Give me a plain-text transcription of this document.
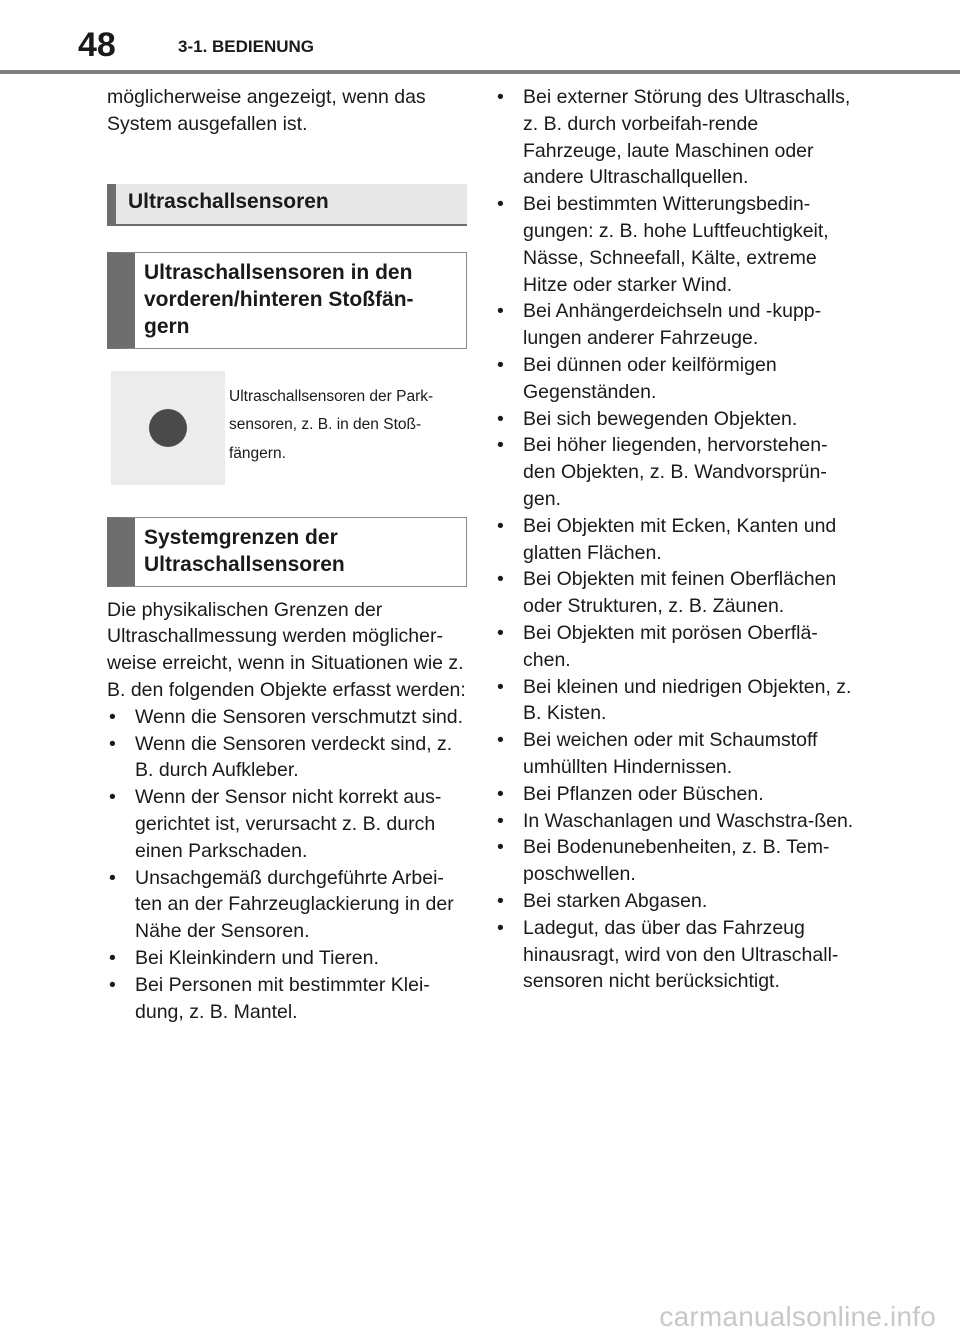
48	3-1. BEDIENUNG

möglicherweise angezeigt, wenn das System ausgefallen ist.

Ultraschallsensoren
Ultraschallsensoren in den vorderen/hinteren Stoßfän-gern

Ultraschallsensoren der Park-sensoren, z. B. in den Stoß-fängern.

Systemgrenzen der Ultraschallsensoren

Die physikalischen Grenzen der Ultraschallmessung werden möglicher-weise erreicht, wenn in Situationen wie z. B. den folgenden Objekte erfasst werden:

• Wenn die Sensoren verschmutzt sind.
• Wenn die Sensoren verdeckt sind, z. B. durch Aufkleber.
• Wenn der Sensor nicht korrekt aus-gerichtet ist, verursacht z. B. durch einen Parkschaden.
• Unsachgemäß durchgeführte Arbei-ten an der Fahrzeuglackierung in der Nähe der Sensoren.
• Bei Kleinkindern und Tieren.
• Bei Personen mit bestimmter Klei-dung, z. B. Mantel.
• Bei externer Störung des Ultraschalls, z. B. durch vorbeifah-rende Fahrzeuge, laute Maschinen oder andere Ultraschallquellen.
• Bei bestimmten Witterungsbedin-gungen: z. B. hohe Luftfeuchtigkeit, Nässe, Schneefall, Kälte, extreme Hitze oder starker Wind.
• Bei Anhängerdeichseln und -kupp-lungen anderer Fahrzeuge.
• Bei dünnen oder keilförmigen Gegenständen.
• Bei sich bewegenden Objekten.
• Bei höher liegenden, hervorstehen-den Objekten, z. B. Wandvorsprün-gen.
• Bei Objekten mit Ecken, Kanten und glatten Flächen.
• Bei Objekten mit feinen Oberflächen oder Strukturen, z. B. Zäunen.
• Bei Objekten mit porösen Oberflä-chen.
• Bei kleinen und niedrigen Objekten, z. B. Kisten.
• Bei weichen oder mit Schaumstoff umhüllten Hindernissen.
• Bei Pflanzen oder Büschen.
• In Waschanlagen und Waschstra-ßen.
• Bei Bodenunebenheiten, z. B. Tem-poschwellen.
• Bei starken Abgasen.
• Ladegut, das über das Fahrzeug hinausragt, wird von den Ultraschall-sensoren nicht berücksichtigt.
carmanualsonline.info
